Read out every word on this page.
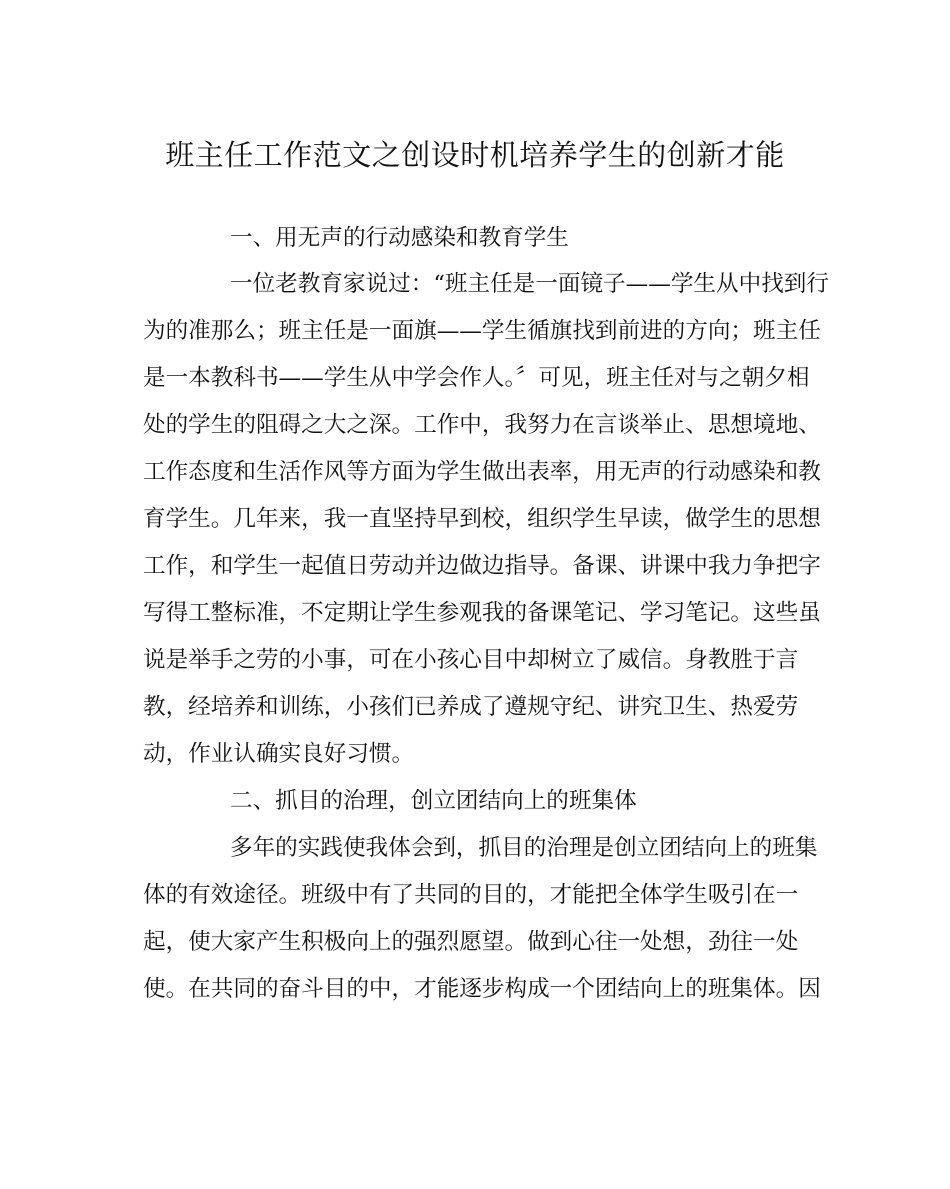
班主任工作范文之创设时机培养学生的创新才能
一、用无声的行动感染和教育学生
一位老教育家说过：“班主任是一面镜子——学生从中找到行
为的准那么；班主任是一面旗——学生循旗找到前进的方向；班主任
是一本教科书——学生从中学会作人。〞可见，班主任对与之朝夕相
处的学生的阻碍之大之深。工作中，我努力在言谈举止、思想境地、
工作态度和生活作风等方面为学生做出表率，用无声的行动感染和教
育学生。几年来，我一直坚持早到校，组织学生早读，做学生的思想
工作，和学生一起值日劳动并边做边指导。备课、讲课中我力争把字
写得工整标准，不定期让学生参观我的备课笔记、学习笔记。这些虽
说是举手之劳的小事，可在小孩心目中却树立了威信。身教胜于言
教，经培养和训练，小孩们已养成了遵规守纪、讲究卫生、热爱劳
动，作业认确实良好习惯。
二、抓目的治理，创立团结向上的班集体
多年的实践使我体会到，抓目的治理是创立团结向上的班集
体的有效途径。班级中有了共同的目的，才能把全体学生吸引在一
起，使大家产生积极向上的强烈愿望。做到心往一处想，劲往一处
使。在共同的奋斗目的中，才能逐步构成一个团结向上的班集体。因
